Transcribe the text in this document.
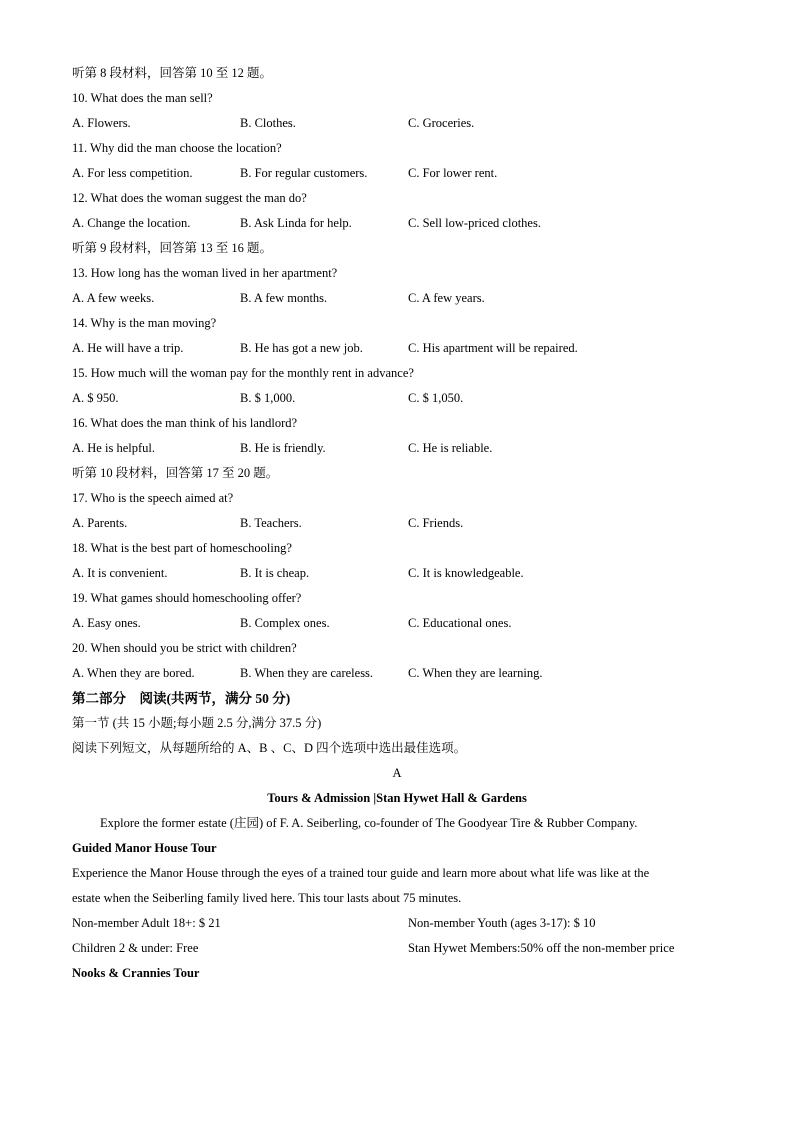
听第 8 段材料，回答第 10 至 12 题。
10. What does the man sell?
A. Flowers.	B. Clothes.	C. Groceries.
11. Why did the man choose the location?
A. For less competition.	B. For regular customers.	C. For lower rent.
12. What does the woman suggest the man do?
A. Change the location.	B. Ask Linda for help.	C. Sell low-priced clothes.
听第 9 段材料，回答第 13 至 16 题。
13. How long has the woman lived in her apartment?
A. A few weeks.	B. A few months.	C. A few years.
14. Why is the man moving?
A. He will have a trip.	B. He has got a new job.	C. His apartment will be repaired.
15. How much will the woman pay for the monthly rent in advance?
A. $ 950.	B. $ 1,000.	C. $ 1,050.
16. What does the man think of his landlord?
A. He is helpful.	B. He is friendly.	C. He is reliable.
听第 10 段材料，回答第 17 至 20 题。
17. Who is the speech aimed at?
A. Parents.	B. Teachers.	C. Friends.
18. What is the best part of homeschooling?
A. It is convenient.	B. It is cheap.	C. It is knowledgeable.
19. What games should homeschooling offer?
A. Easy ones.	B. Complex ones.	C. Educational ones.
20. When should you be strict with children?
A. When they are bored.	B. When they are careless.	C. When they are learning.
第二部分　阅读(共两节，满分 50 分)
第一节 (共 15 小题;每小题 2.5 分,满分 37.5 分)
阅读下列短文，从每题所给的 A、B 、C、D 四个选项中选出最佳选项。
A
Tours & Admission |Stan Hywet Hall & Gardens
Explore the former estate (庄园) of F. A. Seiberling, co-founder of The Goodyear Tire & Rubber Company.
Guided Manor House Tour
Experience the Manor House through the eyes of a trained tour guide and learn more about what life was like at the
estate when the Seiberling family lived here. This tour lasts about 75 minutes.
Non-member Adult 18+: $ 21	Non-member Youth (ages 3-17): $ 10
Children 2 & under: Free	Stan Hywet Members:50% off the non-member price
Nooks & Crannies Tour
